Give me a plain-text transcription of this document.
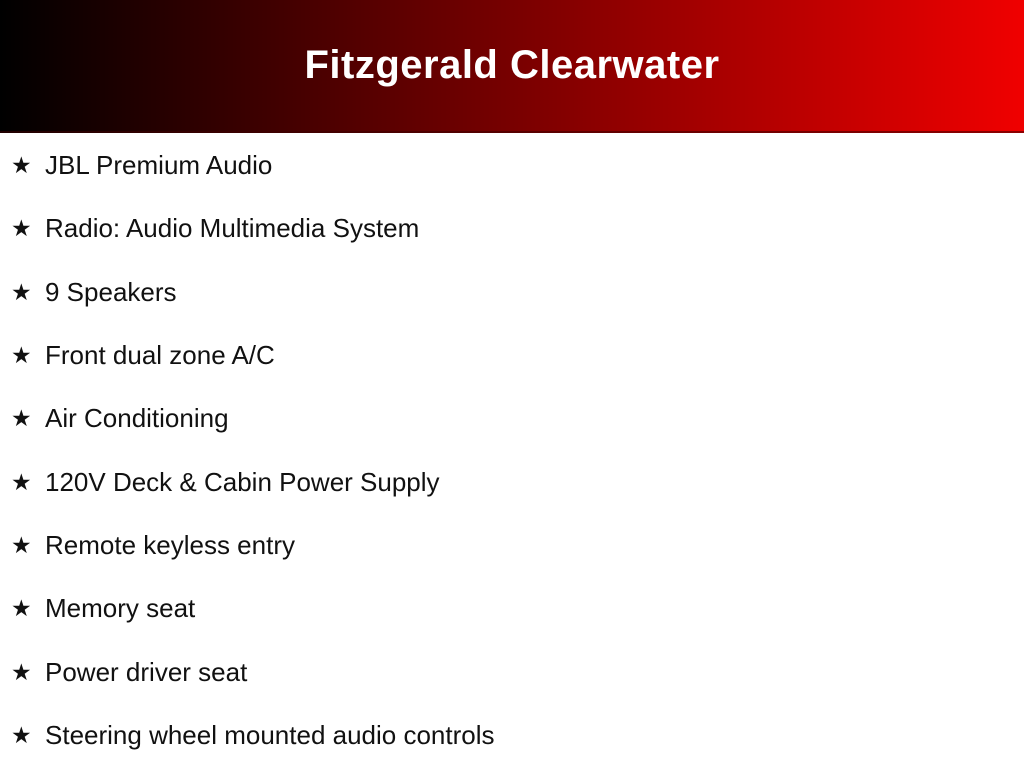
Fitzgerald Clearwater
★ JBL Premium Audio
★ Radio: Audio Multimedia System
★ 9 Speakers
★ Front dual zone A/C
★ Air Conditioning
★ 120V Deck & Cabin Power Supply
★ Remote keyless entry
★ Memory seat
★ Power driver seat
★ Steering wheel mounted audio controls
